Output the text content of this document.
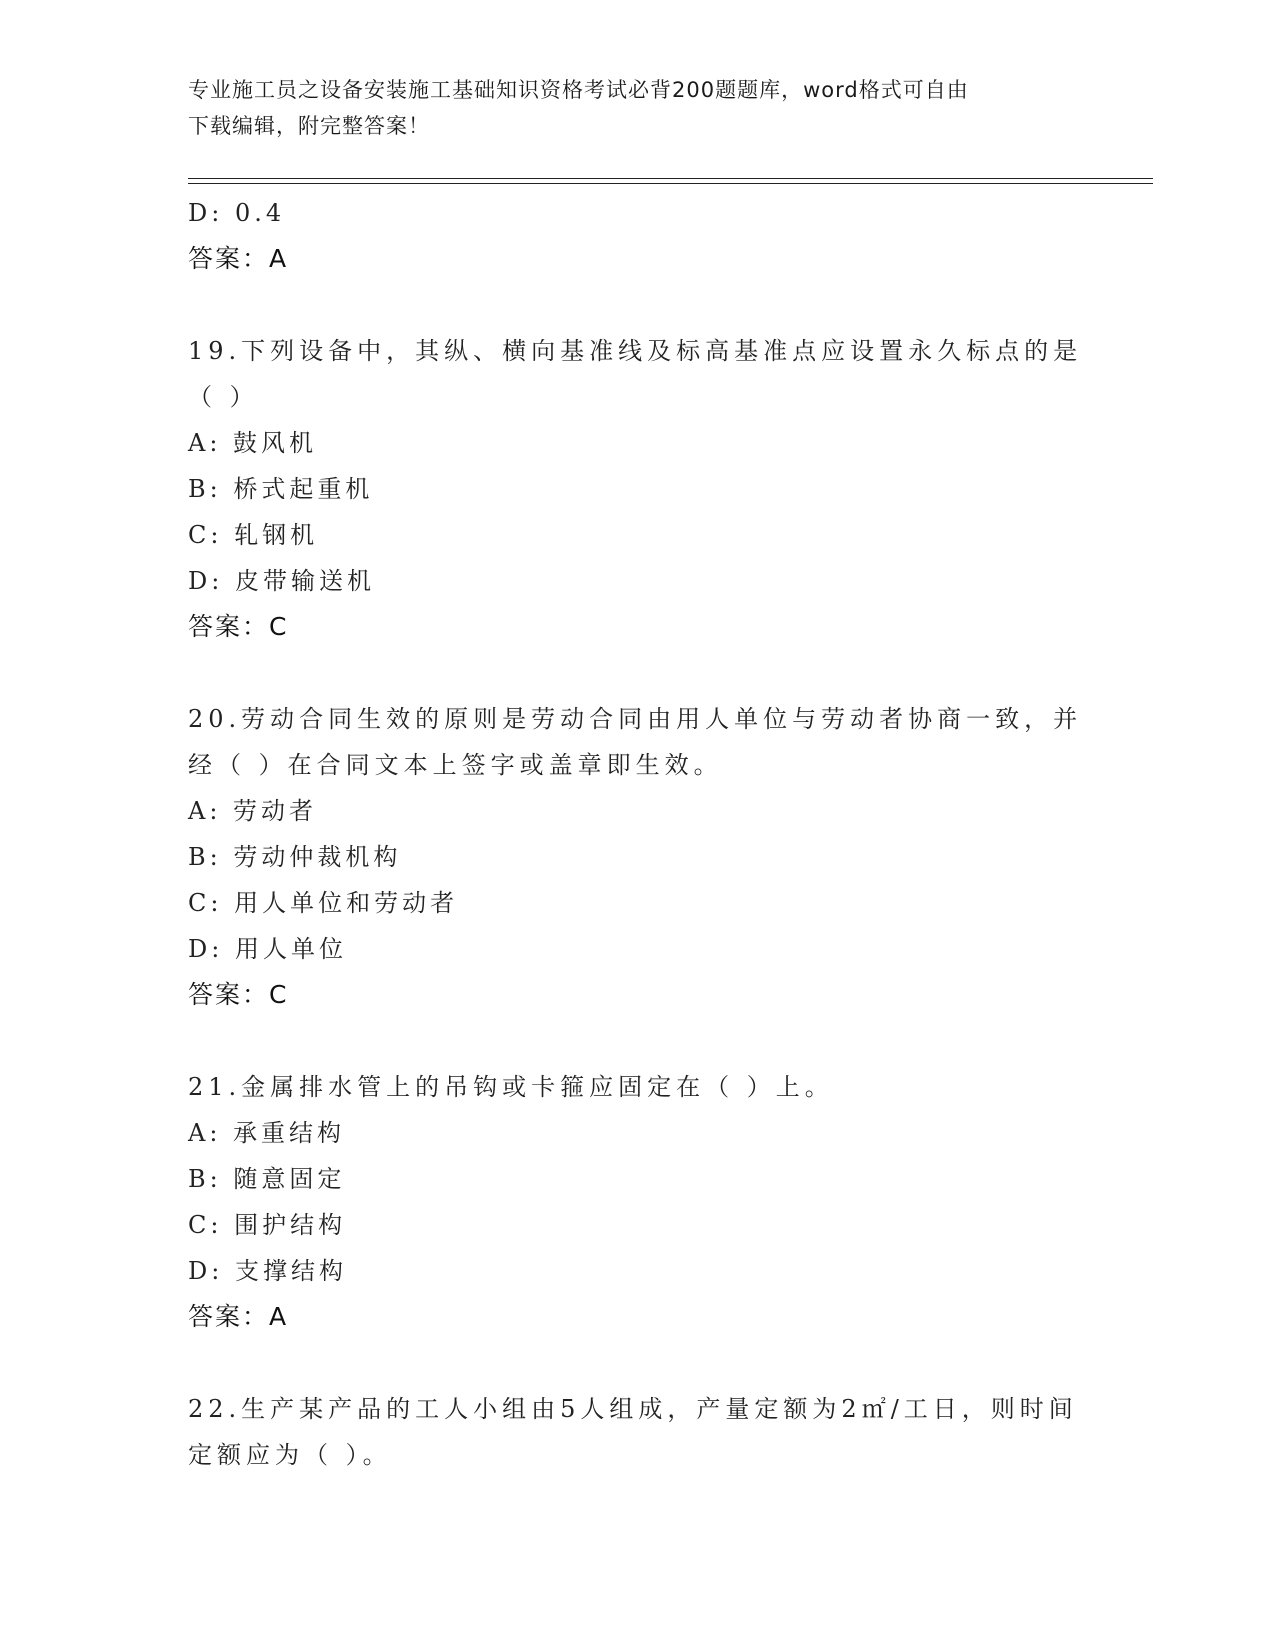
专业施工员之设备安装施工基础知识资格考试必背200题题库，word格式可自由
下载编辑，附完整答案！
D: 0.4
答案：A
19.下列设备中，其纵、横向基准线及标高基准点应设置永久标点的是
（ ）
A: 鼓风机
B: 桥式起重机
C: 轧钢机
D: 皮带输送机
答案：C
20.劳动合同生效的原则是劳动合同由用人单位与劳动者协商一致，并
经（ ）在合同文本上签字或盖章即生效。
A: 劳动者
B: 劳动仲裁机构
C: 用人单位和劳动者
D: 用人单位
答案：C
21.金属排水管上的吊钩或卡箍应固定在（ ）上。
A: 承重结构
B: 随意固定
C: 围护结构
D: 支撑结构
答案：A
22.生产某产品的工人小组由5人组成，产量定额为2㎡/工日，则时间
定额应为（ ）。
